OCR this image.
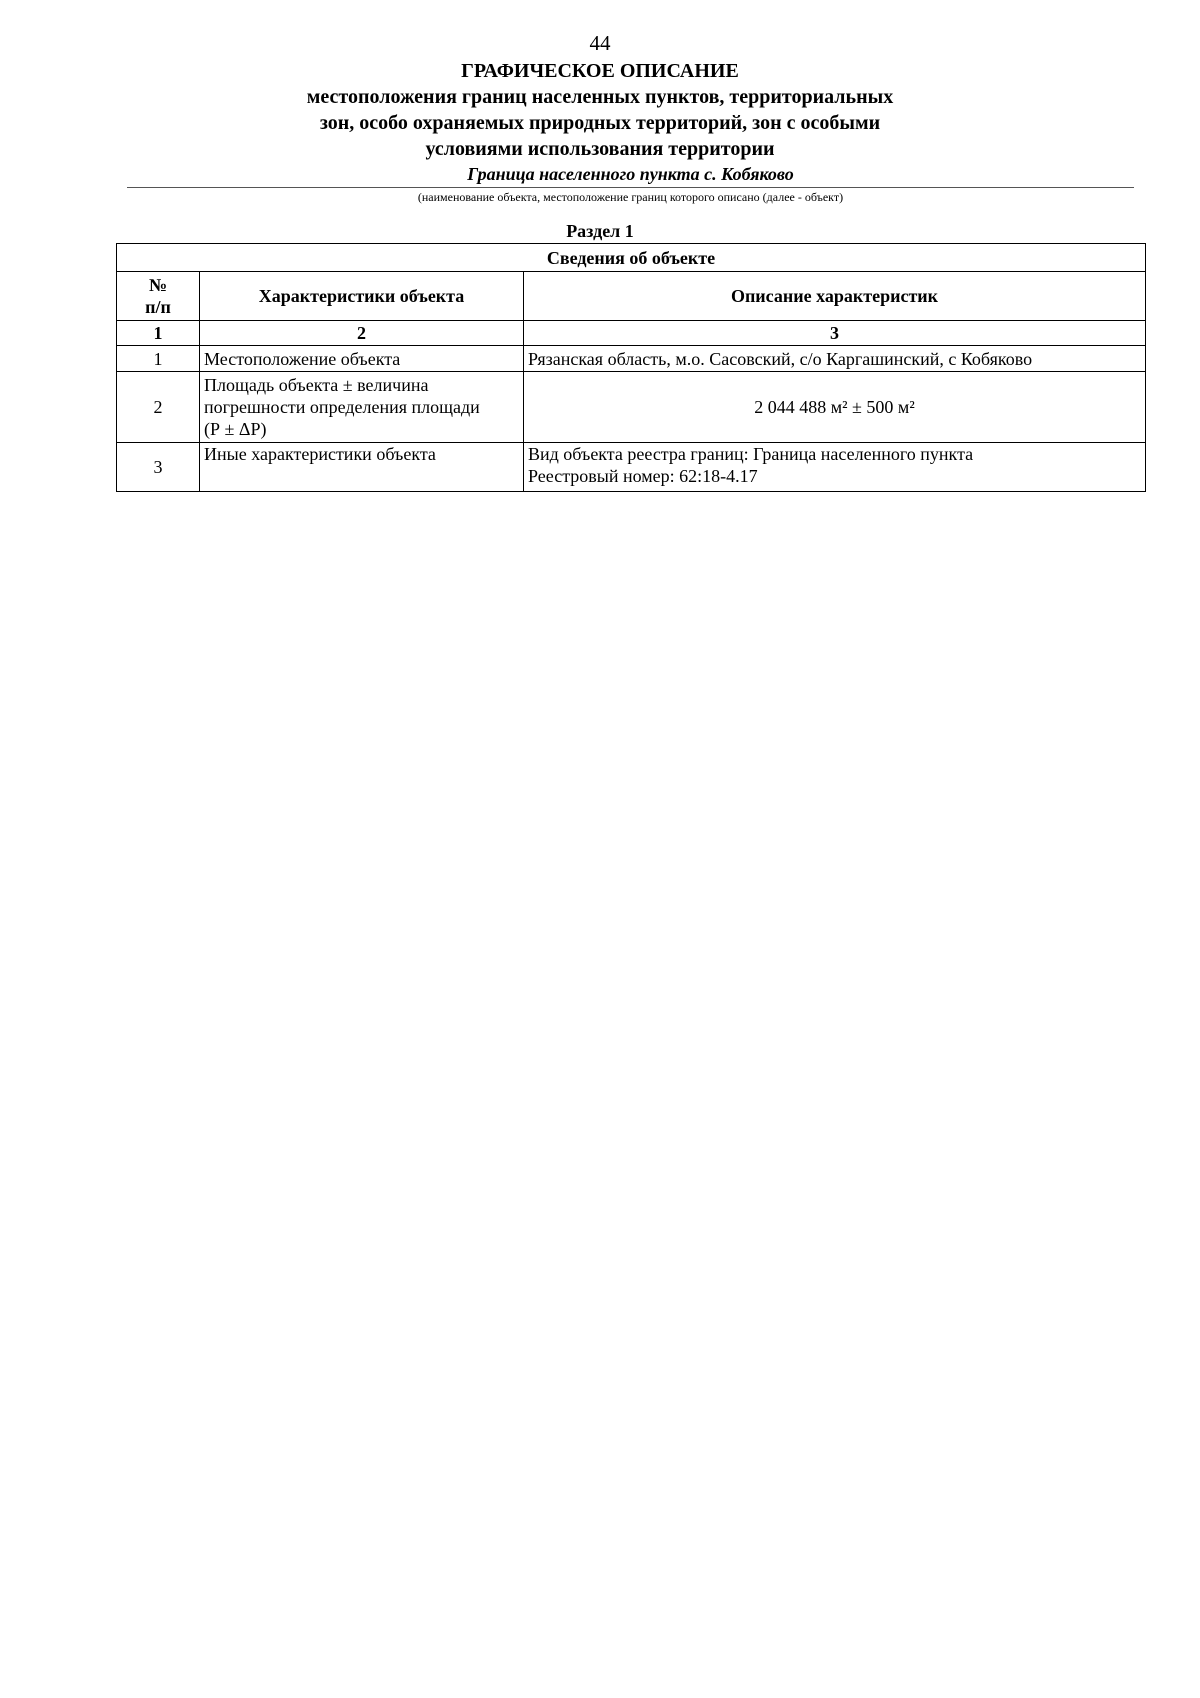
44

ГРАФИЧЕСКОЕ ОПИСАНИЕ

местоположения границ населенных пунктов, территориальных

зон, особо охраняемых природных территорий, зон с особыми

условиями использования территории

Граница населенного пункта с. Кобяково
(наименование объекта, местоположение границ которого описано (далее - объект)
Раздел 1
Сведения об объекте		

№
п/п	Характеристики объекта	Описание характеристик
1	2	3
1	Местоположение объекта	Рязанская область, м.о. Сасовский, с/о Каргашинский, с Кобяково

2	Площадь объекта ± величина
погрешности определения площади
(Р ± ΔР)	2 044 488 м² ± 500 м²

3	Иные характеристики объекта	Вид объекта реестра границ: Граница населенного пункта
Реестровый номер: 62:18-4.17
